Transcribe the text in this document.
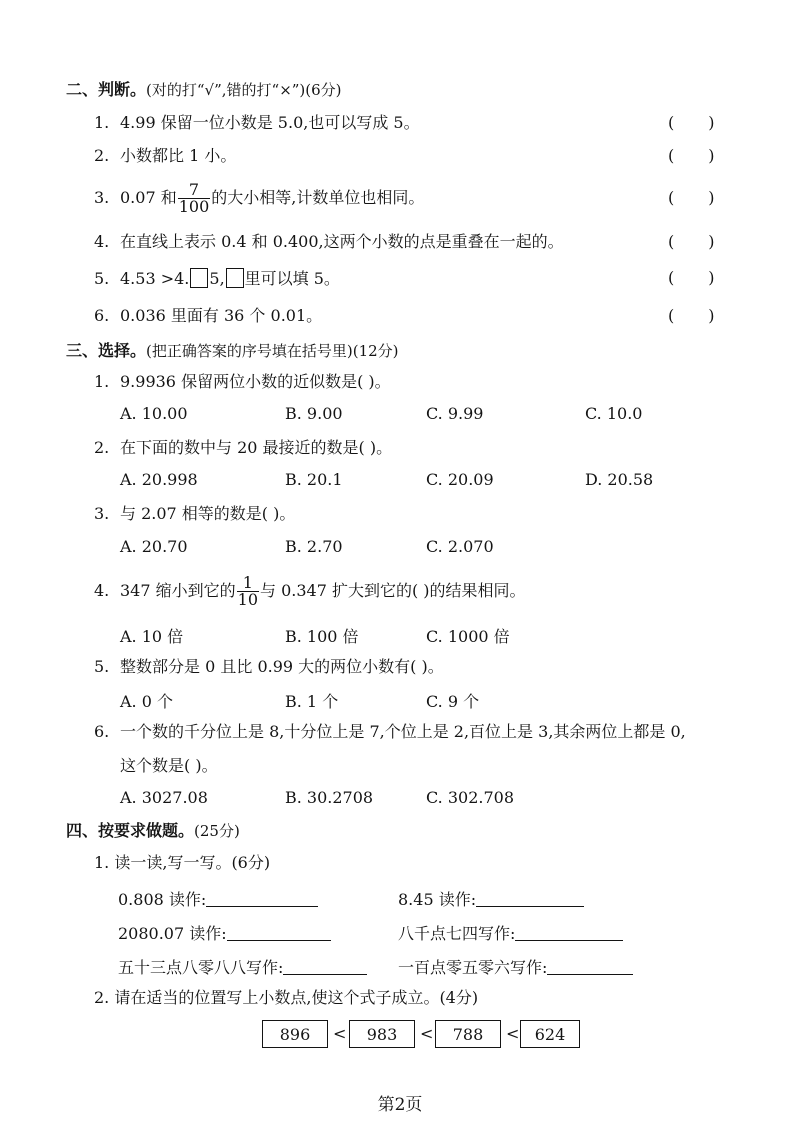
二、判断。(对的打“√”,错的打“×”)(6分)
1. 4.99 保留一位小数是 5.0,也可以写成 5。	( )
2. 小数都比 1 小。	( )
3. 0.07 和 $\frac{7}{100}$ 的大小相等,计数单位也相同。	( )
4. 在直线上表示 0.4 和 0.400,这两个小数的点是重叠在一起的。	( )
5. 4.53 >4. 5, 里可以填 5。	( )
6. 0.036 里面有 36 个 0.01。	( )
三、选择。(把正确答案的序号填在括号里)(12分)
1. 9.9936 保留两位小数的近似数是( )。
A. 10.00	B. 9.00	C. 9.99	C. 10.0
2. 在下面的数中与 20 最接近的数是( )。
A. 20.998	B. 20.1	C. 20.09	D. 20.58
3. 与 2.07 相等的数是( )。
A. 20.70	B. 2.70	C. 2.070
4. 347 缩小到它的 $\frac{1}{10}$ 与 0.347 扩大到它的( )的结果相同。
A. 10 倍	B. 100 倍	C. 1000 倍
5. 整数部分是 0 且比 0.99 大的两位小数有( )。
A. 0 个	B. 1 个	C. 9 个
6. 一个数的千分位上是 8,十分位上是 7,个位上是 2,百位上是 3,其余两位上都是 0,
这个数是( )。
A. 3027.08	B. 30.2708	C. 302.708
四、按要求做题。(25分)
1. 读一读,写一写。(6分)
0.808 读作:	8.45 读作:
2080.07 读作:	八千点七四写作:
五十三点八零八八写作:	一百点零五零六写作:
2. 请在适当的位置写上小数点,使这个式子成立。(4分)
896	<	983	<	788	< 624
第2页
